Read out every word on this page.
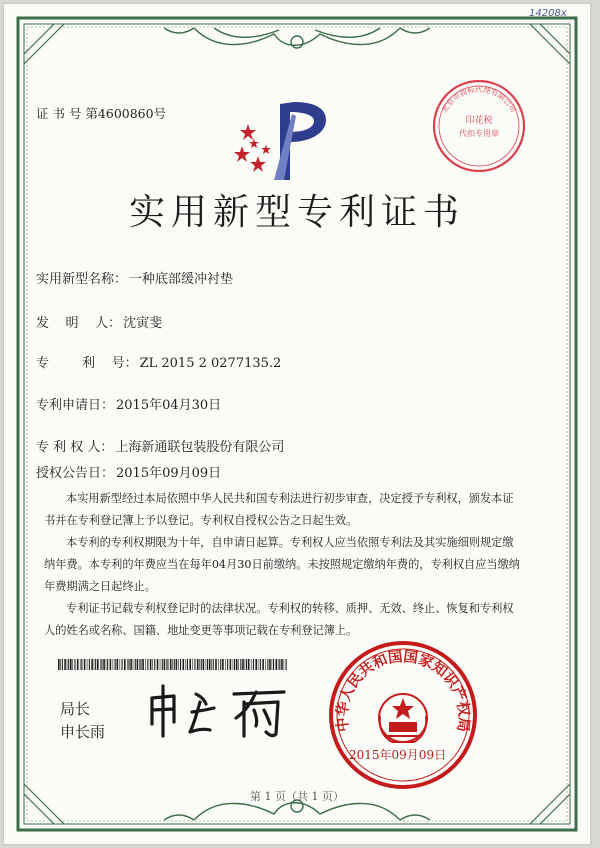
14208x
印花税
代扣专用章
北京市商标代理有限公司
证 书 号 第4600860号
实用新型专利证书
实用新型名称： 一种底部缓冲衬垫
发    明    人： 沈寅斐
专        利    号： ZL 2015 2 0277135.2
专利申请日： 2015年04月30日
专 利 权 人： 上海新通联包装股份有限公司
授权公告日： 2015年09月09日

本实用新型经过本局依照中华人民共和国专利法进行初步审查，决定授予专利权，颁发本证书并在专利登记簿上予以登记。专利权自授权公告之日起生效。

本专利的专利权期限为十年，自申请日起算。专利权人应当依照专利法及其实施细则规定缴纳年费。本专利的年费应当在每年04月30日前缴纳。未按照规定缴纳年费的，专利权自应当缴纳年费期满之日起终止。

专利证书记载专利权登记时的法律状况。专利权的转移、质押、无效、终止、恢复和专利权人的姓名或名称、国籍、地址变更等事项记载在专利登记簿上。

局长
申长雨	中华人民共和国国家知识产权局
2015年09月09日
第 1 页（共 1 页）
